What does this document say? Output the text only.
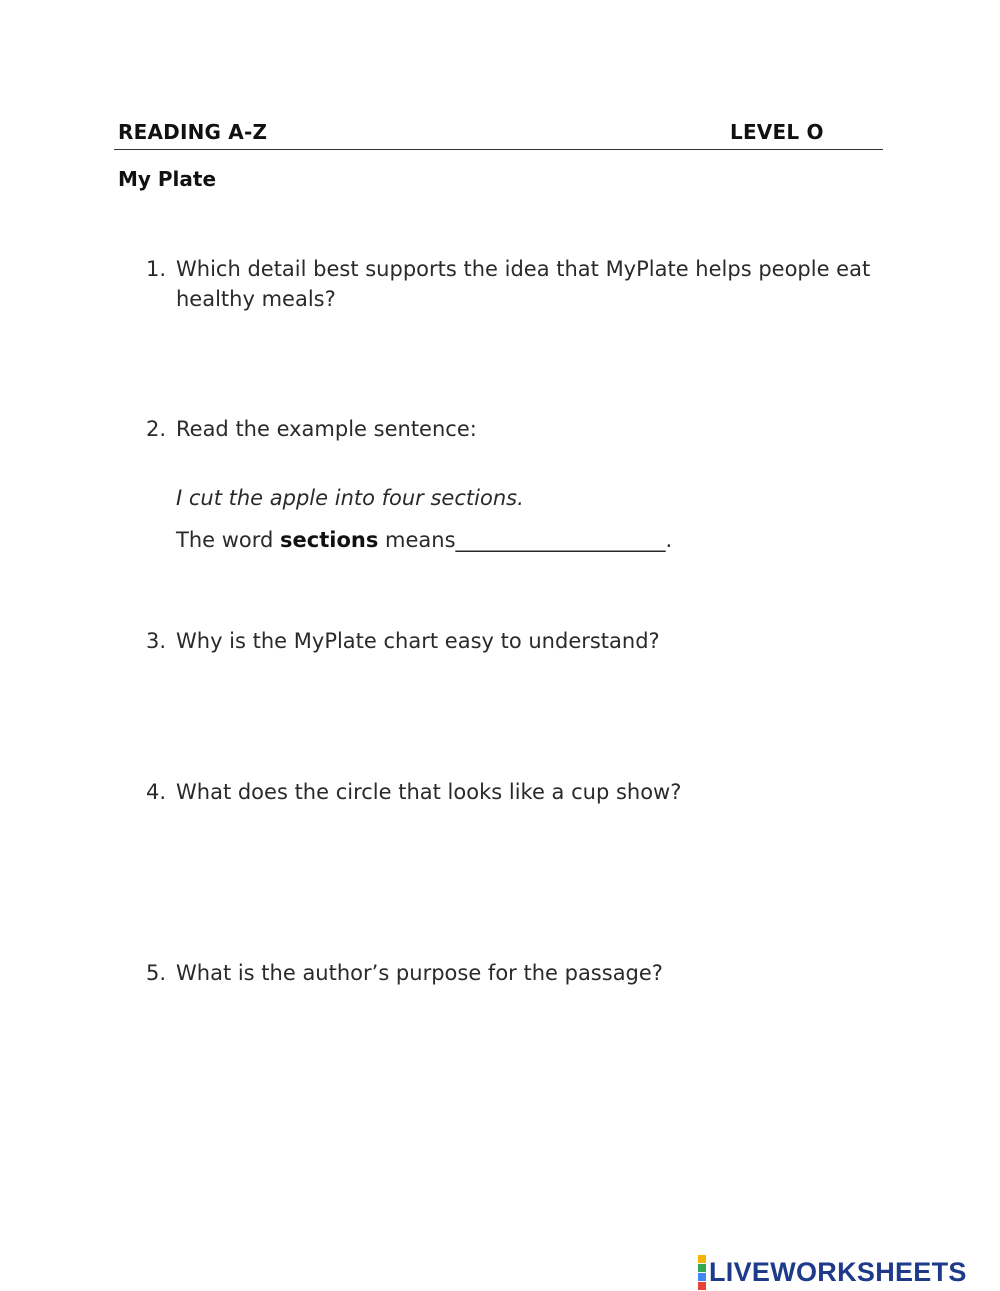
READING A-Z	LEVEL O
My Plate
1. Which detail best supports the idea that MyPlate helps people eat healthy meals?
2. Read the example sentence:
I cut the apple into four sections.
The word sections means____________________.
3. Why is the MyPlate chart easy to understand?
4. What does the circle that looks like a cup show?
5. What is the author’s purpose for the passage?
LIVEWORKSHEETS
